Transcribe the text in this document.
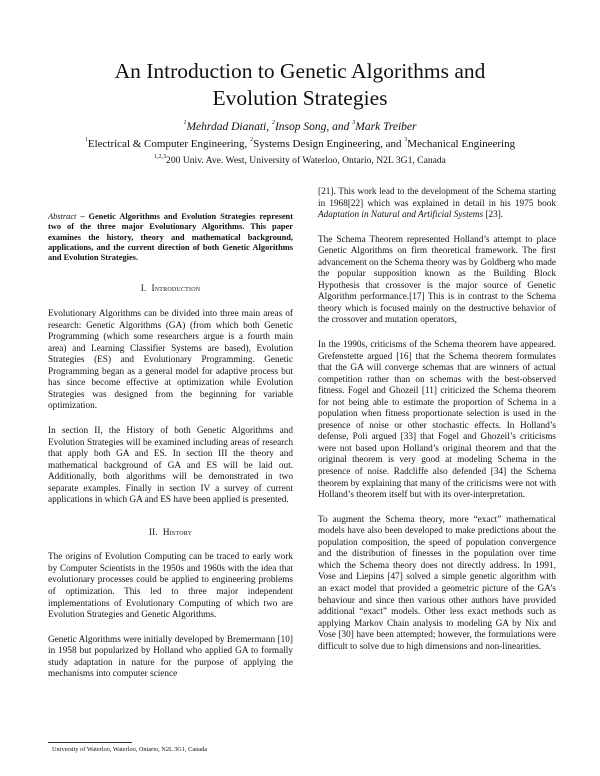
An Introduction to Genetic Algorithms and
Evolution Strategies
$^1$Mehrdad Dianati, $^2$Insop Song, and $^3$Mark Treiber
$^1$Electrical & Computer Engineering, $^2$Systems Design Engineering, and $^3$Mechanical Engineering
$^{1,2,3}$200 Univ. Ave. West, University of Waterloo, Ontario, N2L 3G1, Canada

Abstract – Genetic Algorithms and Evolution Strategies represent two of the three major Evolutionary Algorithms. This paper examines the history, theory and mathematical background, applications, and the current direction of both Genetic Algorithms and Evolution Strategies.

I. Introduction

Evolutionary Algorithms can be divided into three main areas of research: Genetic Algorithms (GA) (from which both Genetic Programming (which some researchers argue is a fourth main area) and Learning Classifier Systems are based), Evolution Strategies (ES) and Evolutionary Programming. Genetic Programming began as a general model for adaptive process but has since become effective at optimization while Evolution Strategies was designed from the beginning for variable optimization.

In section II, the History of both Genetic Algorithms and Evolution Strategies will be examined including areas of research that apply both GA and ES. In section III the theory and mathematical background of GA and ES will be laid out. Additionally, both algorithms will be demonstrated in two separate examples. Finally in section IV a survey of current applications in which GA and ES have been applied is presented.

II. History

The origins of Evolution Computing can be traced to early work by Computer Scientists in the 1950s and 1960s with the idea that evolutionary processes could be applied to engineering problems of optimization. This led to three major independent implementations of Evolutionary Computing of which two are Evolution Strategies and Genetic Algorithms.

Genetic Algorithms were initially developed by Bremermann [10] in 1958 but popularized by Holland who applied GA to formally study adaptation in nature for the purpose of applying the mechanisms into computer science

[21]. This work lead to the development of the Schema starting in 1968[22] which was explained in detail in his 1975 book Adaptation in Natural and Artificial Systems [23].

The Schema Theorem represented Holland’s attempt to place Genetic Algorithms on firm theoretical framework. The first advancement on the Schema theory was by Goldberg who made the popular supposition known as the Building Block Hypothesis that crossover is the major source of Genetic Algorithm performance.[17] This is in contrast to the Schema theory which is focused mainly on the destructive behavior of the crossover and mutation operators,

In the 1990s, criticisms of the Schema theorem have appeared. Grefenstette argued [16] that the Schema theorem formulates that the GA will converge schemas that are winners of actual competition rather than on schemas with the best-observed fitness. Fogel and Ghozeil [11] criticized the Schema theorem for not being able to estimate the proportion of Schema in a population when fitness proportionate selection is used in the presence of noise or other stochastic effects. In Holland’s defense, Poli argued [33] that Fogel and Ghozeil’s criticisms were not based upon Holland’s original theorem and that the original theorem is very good at modeling Schema in the presence of noise. Radcliffe also defended [34] the Schema theorem by explaining that many of the criticisms were not with Holland’s theorem itself but with its over-interpretation.

To augment the Schema theory, more “exact” mathematical models have also been developed to make predictions about the population composition, the speed of population convergence and the distribution of finesses in the population over time which the Schema theory does not directly address. In 1991, Vose and Liepins [47] solved a simple genetic algorithm with an exact model that provided a geometric picture of the GA’s behaviour and since then various other authors have provided additional “exact” models. Other less exact methods such as applying Markov Chain analysis to modeling GA by Nix and Vose [30] have been attempted; however, the formulations were difficult to solve due to high dimensions and non-linearities.

University of Waterloo, Waterloo, Ontario, N2L 3G1, Canada
